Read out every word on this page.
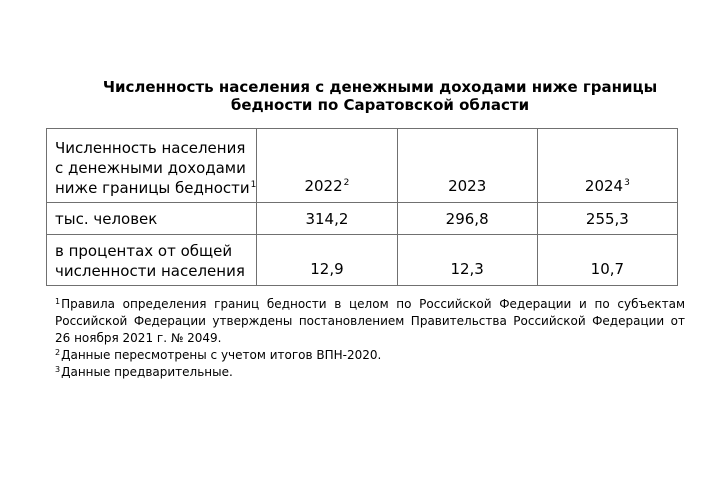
Численность населения с денежными доходами ниже границы
бедности по Саратовской области
Численность населения
с денежными доходами
ниже границы бедности$^1$	2022$^2$	2023	2024$^3$

тыс. человек	314,2	296,8	255,3

в процентах от общей
численности населения	12,9	12,3	10,7

$^1$Правила определения границ бедности в целом по Российской Федерации и по субъектам Российской Федерации утверждены постановлением Правительства Российской Федерации от 26 ноября 2021 г. № 2049.

$^2$Данные пересмотрены с учетом итогов ВПН-2020.

$^3$Данные предварительные.
